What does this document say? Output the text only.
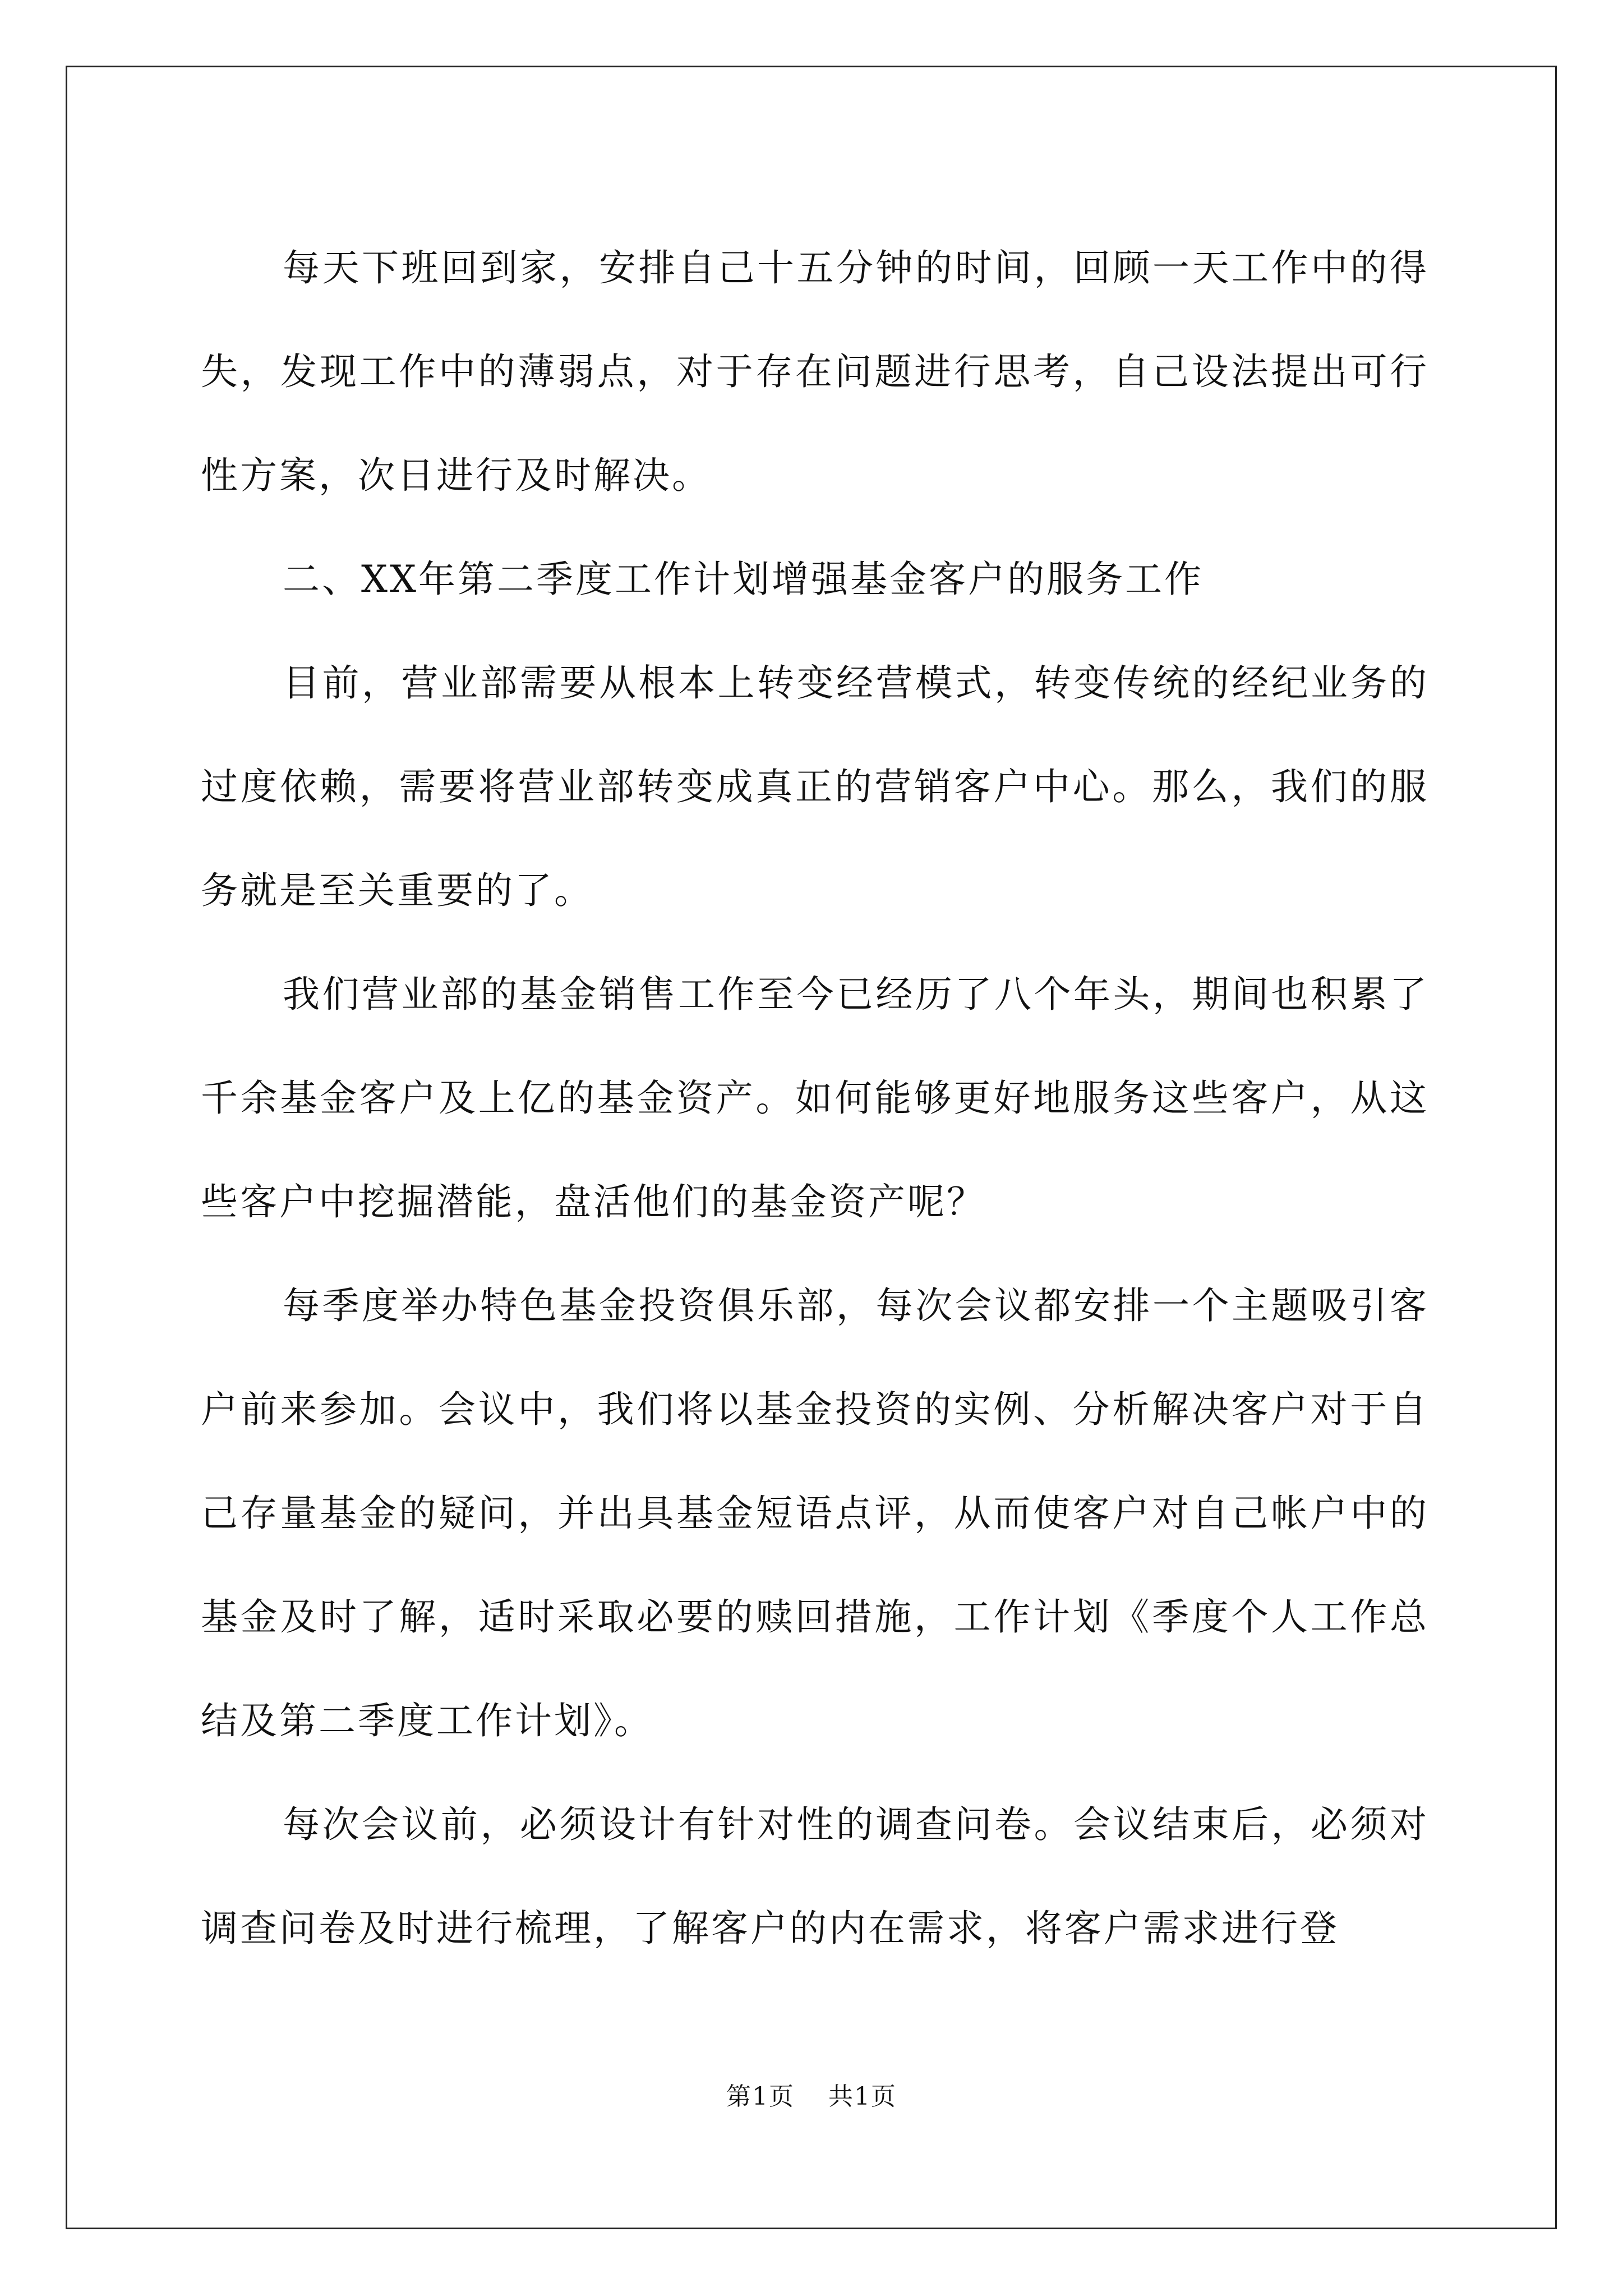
每天下班回到家，安排自己十五分钟的时间，回顾一天工作中的得失，发现工作中的薄弱点，对于存在问题进行思考，自己设法提出可行性方案，次日进行及时解决。

二、XX年第二季度工作计划增强基金客户的服务工作

目前，营业部需要从根本上转变经营模式，转变传统的经纪业务的过度依赖，需要将营业部转变成真正的营销客户中心。那么，我们的服务就是至关重要的了。

我们营业部的基金销售工作至今已经历了八个年头，期间也积累了千余基金客户及上亿的基金资产。如何能够更好地服务这些客户，从这些客户中挖掘潜能，盘活他们的基金资产呢？

每季度举办特色基金投资俱乐部，每次会议都安排一个主题吸引客户前来参加。会议中，我们将以基金投资的实例、分析解决客户对于自己存量基金的疑问，并出具基金短语点评，从而使客户对自己帐户中的基金及时了解，适时采取必要的赎回措施，工作计划《季度个人工作总结及第二季度工作计划》。

每次会议前，必须设计有针对性的调查问卷。会议结束后，必须对调查问卷及时进行梳理，了解客户的内在需求，将客户需求进行登

第1页 共1页
